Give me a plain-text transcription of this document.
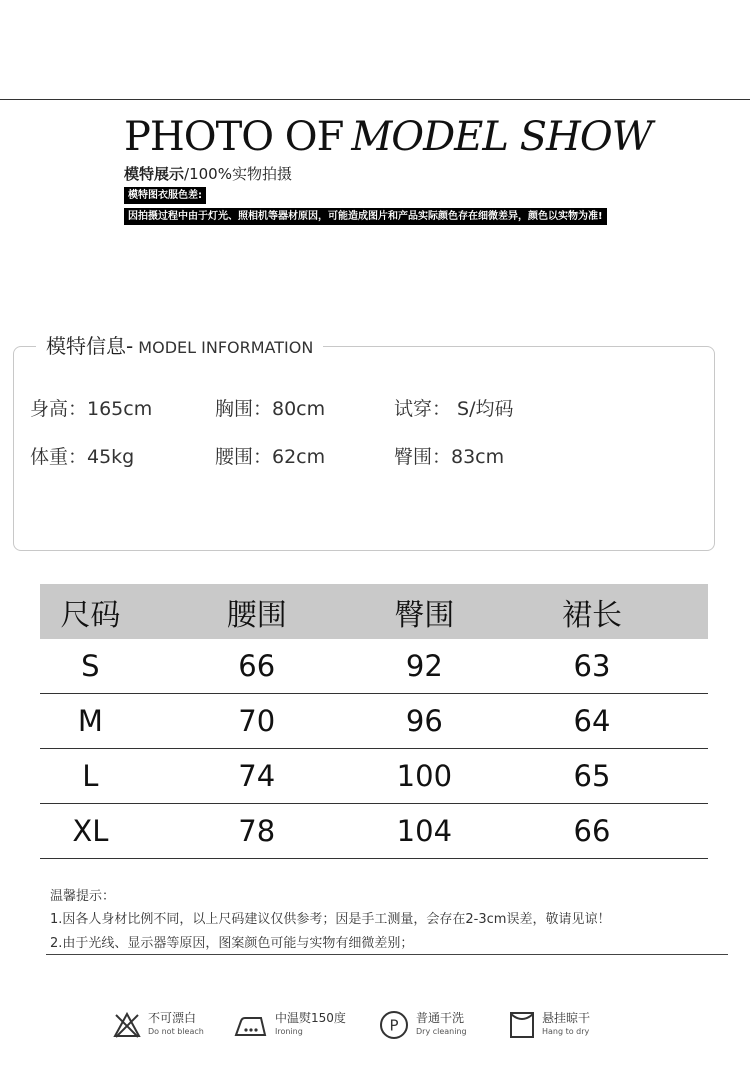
PHOTO OF MODEL SHOW
模特展示/100%实物拍摄
模特图衣服色差:
因拍摄过程中由于灯光、照相机等器材原因，可能造成图片和产品实际颜色存在细微差异，颜色以实物为准!
模特信息- MODEL INFORMATION
身高：165cm	胸围：80cm	试穿： S/均码
体重：45kg	腰围：62cm	臀围：83cm
尺码	腰围	臀围	裙长
S	66	92	63
M	70	96	64
L	74	100	65
XL	78	104	66
温馨提示：
1.因各人身材比例不同，以上尺码建议仅供参考；因是手工测量，会存在2-3cm误差，敬请见谅！
2.由于光线、显示器等原因，图案颜色可能与实物有细微差别；
不可漂白
Do not bleach
中温熨150度
Ironing	P 普通干洗
Dry cleaning
悬挂晾干
Hang to dry
